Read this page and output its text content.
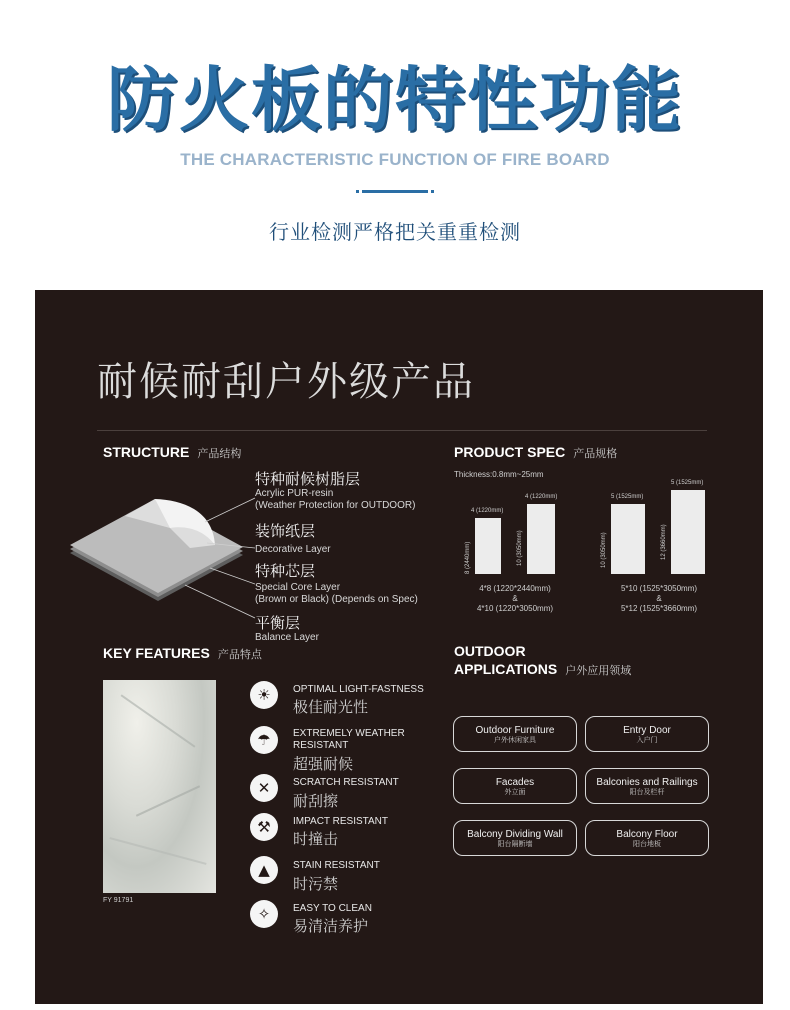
防火板的特性功能
THE CHARACTERISTIC FUNCTION OF FIRE BOARD
行业检测严格把关重重检测
耐候耐刮户外级产品
STRUCTURE 产品结构
特种耐候树脂层
Acrylic PUR-resin
(Weather Protection for OUTDOOR)
装饰纸层
Decorative Layer
特种芯层
Special Core Layer
(Brown or Black) (Depends on Spec)
平衡层
Balance Layer
PRODUCT SPEC 产品规格
Thickness:0.8mm~25mm
4 (1220mm)
8 (2440mm)
4 (1220mm)
10 (3050mm)
5 (1525mm)
10 (3050mm)
5 (1525mm)
12 (3660mm)
4*8 (1220*2440mm)
&
4*10 (1220*3050mm)
5*10 (1525*3050mm)
&
5*12 (1525*3660mm)
KEY FEATURES 产品特点
FY 91791
☀	OPTIMAL LIGHT-FASTNESS
极佳耐光性
☂	EXTREMELY WEATHER
RESISTANT
超强耐候
✕	SCRATCH RESISTANT
耐刮擦
⚒	IMPACT RESISTANT
时撞击
▲	STAIN RESISTANT
时污禁
✧	EASY TO CLEAN
易清洁养护
OUTDOOR
APPLICATIONS 户外应用领域
Outdoor Furniture
户外休闲家具
Entry Door
入户门
Facades
外立面
Balconies and Railings
阳台及栏杆
Balcony Dividing Wall
阳台隔断墙
Balcony Floor
阳台地板
